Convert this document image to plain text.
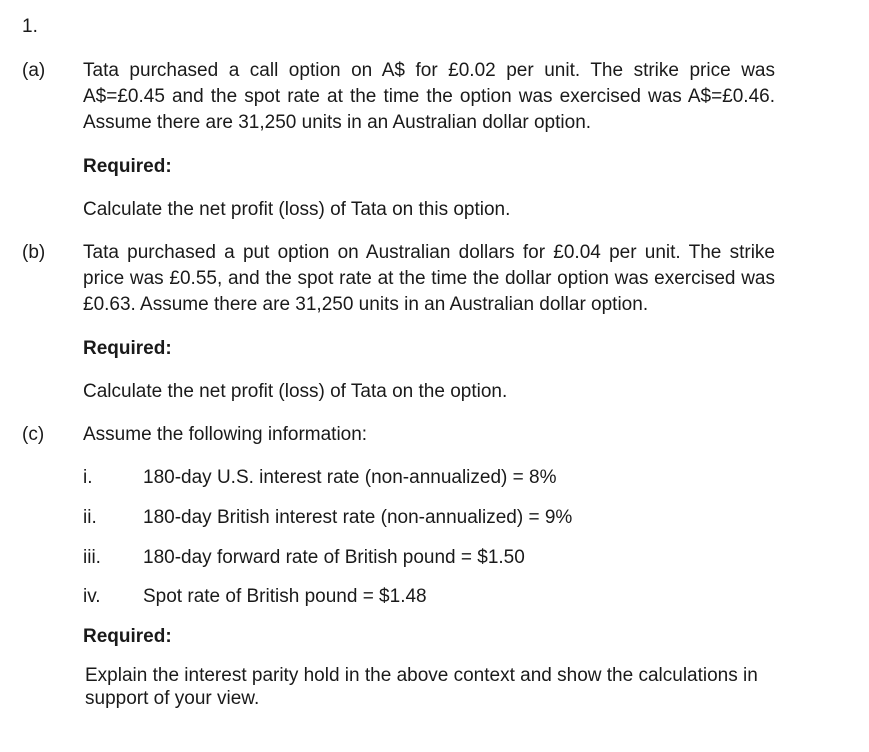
1.
(a) Tata purchased a call option on A$ for £0.02 per unit. The strike price was A$=£0.45 and the spot rate at the time the option was exercised was A$=£0.46. Assume there are 31,250 units in an Australian dollar option.
Required:
Calculate the net profit (loss) of Tata on this option.
(b) Tata purchased a put option on Australian dollars for £0.04 per unit. The strike price was £0.55, and the spot rate at the time the dollar option was exercised was £0.63. Assume there are 31,250 units in an Australian dollar option.
Required:
Calculate the net profit (loss) of Tata on the option.
(c) Assume the following information:
i.	180-day U.S. interest rate (non-annualized) = 8%
ii. 180-day British interest rate (non-annualized) = 9%
iii. 180-day forward rate of British pound = $1.50
iv. Spot rate of British pound = $1.48
Required:
Explain the interest parity hold in the above context and show the calculations in support of your view.
